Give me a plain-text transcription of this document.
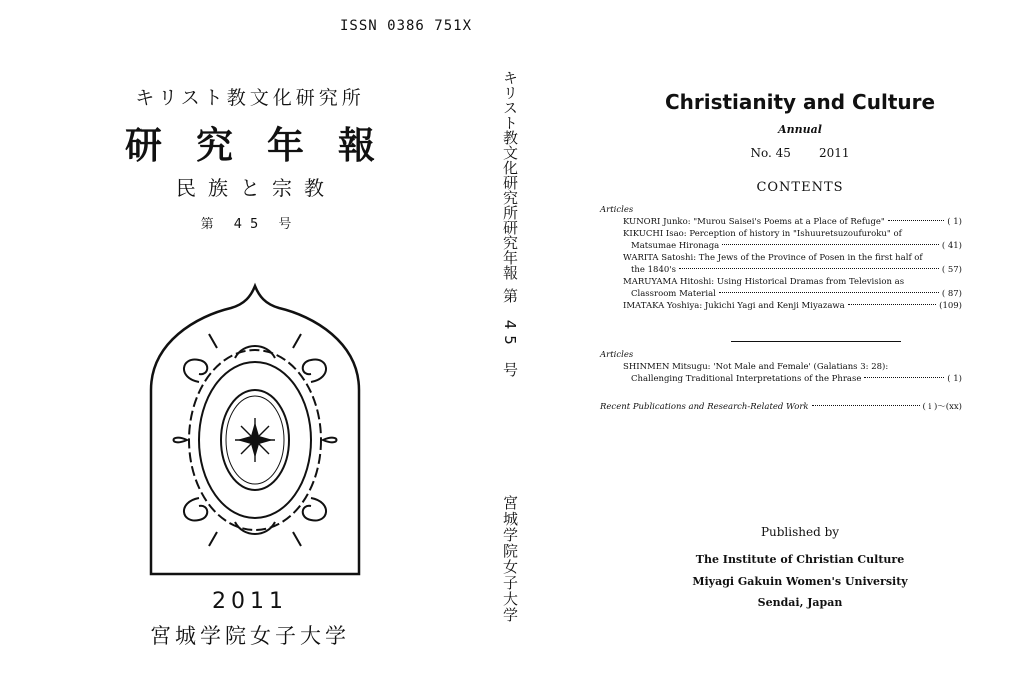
ISSN 0386 751X
キリスト教文化研究所
研究年報
民族と宗教
第 45 号
2011
宮城学院女子大学
キリスト教文化研究所研究年報
第 45 号
宮城学院女子大学
Christianity and Culture
Annual
No. 45 2011
CONTENTS
Articles
KUNORI Junko: "Murou Saisei's Poems at a Place of Refuge"	( 1)
KIKUCHI Isao: Perception of history in "Ishuuretsuzoufuroku" of
Matsumae Hironaga	( 41)
WARITA Satoshi: The Jews of the Province of Posen in the first half of
the 1840's	( 57)
MARUYAMA Hitoshi: Using Historical Dramas from Television as
Classroom Material	( 87)
IMATAKA Yoshiya: Jukichi Yagi and Kenji Miyazawa	(109)
Articles
SHINMEN Mitsugu: 'Not Male and Female' (Galatians 3: 28):
Challenging Traditional Interpretations of the Phrase	( 1)
Recent Publications and Research-Related Work	( i )～(xx)
Published by
The Institute of Christian Culture
Miyagi Gakuin Women's University
Sendai, Japan
